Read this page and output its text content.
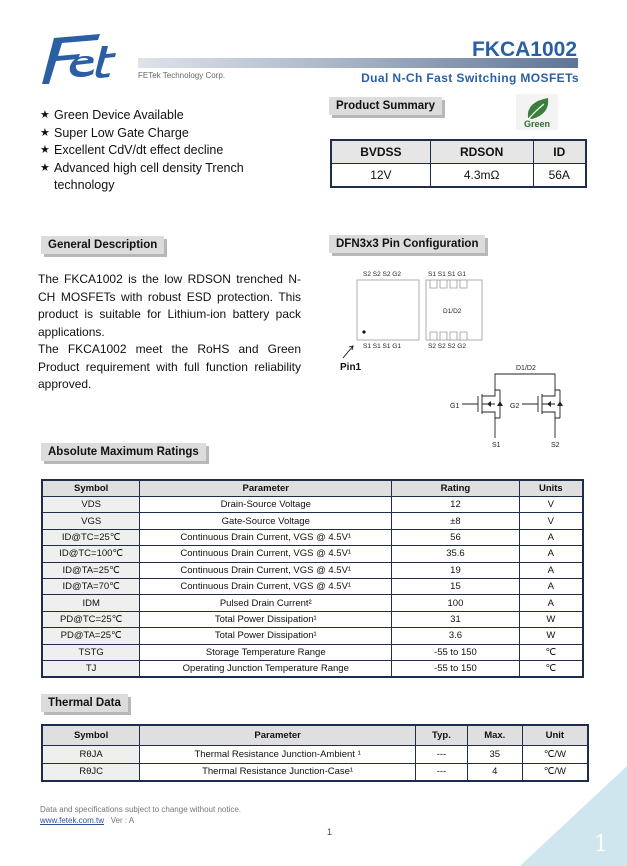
FETek Technology Corp.
FKCA1002
Dual N-Ch Fast Switching MOSFETs
★ Green Device Available
★ Super Low Gate Charge
★ Excellent CdV/dt effect decline
★ Advanced high cell density Trench technology
Product Summary
Green
BVDSS	RDSON	ID
12V	4.3mΩ	56A
General Description

The FKCA1002 is the low RDSON trenched N-CH MOSFETs with robust ESD protection. This product is suitable for Lithium-ion battery pack applications.

The FKCA1002 meet the RoHS and Green Product requirement with full function reliability approved.

DFN3x3 Pin Configuration
S2 S2 S2 G2	S1 S1 S1 G1
S1 S1 S1 G1	S2 S2 S2 G2
D1/D2
Pin1	D1/D2
G1	G2
S1	S2
Absolute Maximum Ratings
Symbol	Parameter	Rating	Units
VDS	Drain-Source Voltage	12	V
VGS	Gate-Source Voltage	±8	V
ID@TC=25℃	Continuous Drain Current, VGS @ 4.5V¹	56	A
ID@TC=100℃	Continuous Drain Current, VGS @ 4.5V¹	35.6	A
ID@TA=25℃	Continuous Drain Current, VGS @ 4.5V¹	19	A
ID@TA=70℃	Continuous Drain Current, VGS @ 4.5V¹	15	A
IDM	Pulsed Drain Current²	100	A
PD@TC=25℃	Total Power Dissipation¹	31	W
PD@TA=25℃	Total Power Dissipation¹	3.6	W
TSTG	Storage Temperature Range	-55 to 150	℃
TJ	Operating Junction Temperature Range	-55 to 150	℃
Thermal Data
Symbol	Parameter	Typ.	Max.	Unit
RθJA	Thermal Resistance Junction-Ambient ¹	---	35	℃/W
RθJC	Thermal Resistance Junction-Case¹	---	4	℃/W
Data and specifications subject to change without notice.
www.fetek.com.tw Ver : A
1	1
